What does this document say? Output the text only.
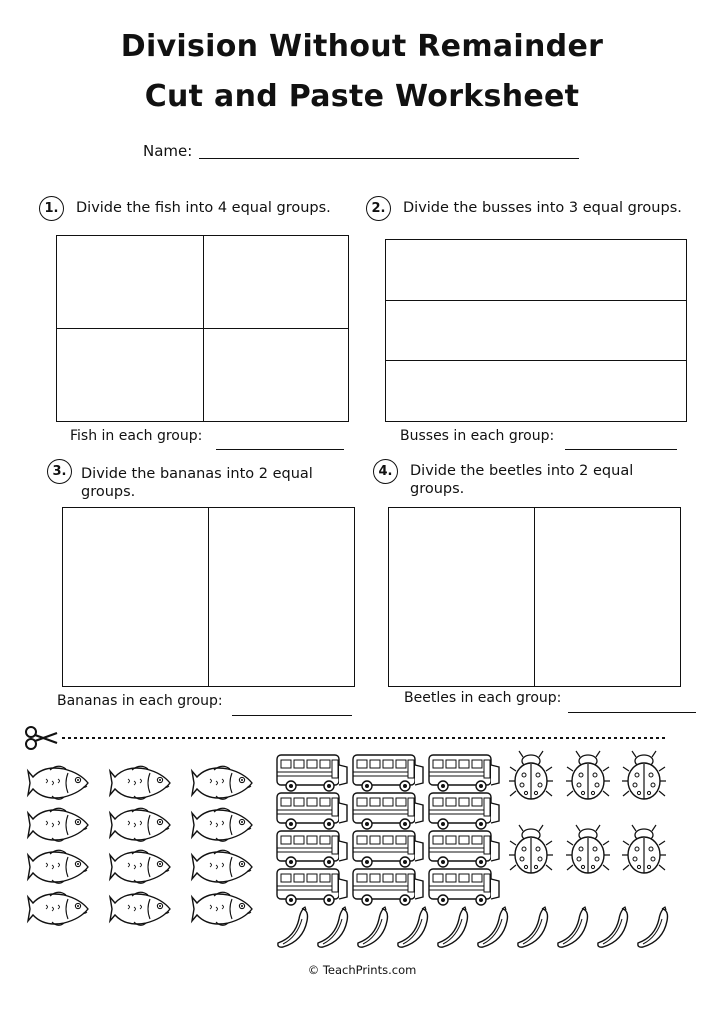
Division Without Remainder
Cut and Paste Worksheet
Name:
1.	Divide the fish into 4 equal groups.
Fish in each group:
2.	Divide the busses into 3 equal groups.
Busses in each group:
3.	Divide the bananas into 2 equal groups.
Bananas in each group:
4.	Divide the beetles into 2 equal groups.
Beetles in each group:
© TeachPrints.com
